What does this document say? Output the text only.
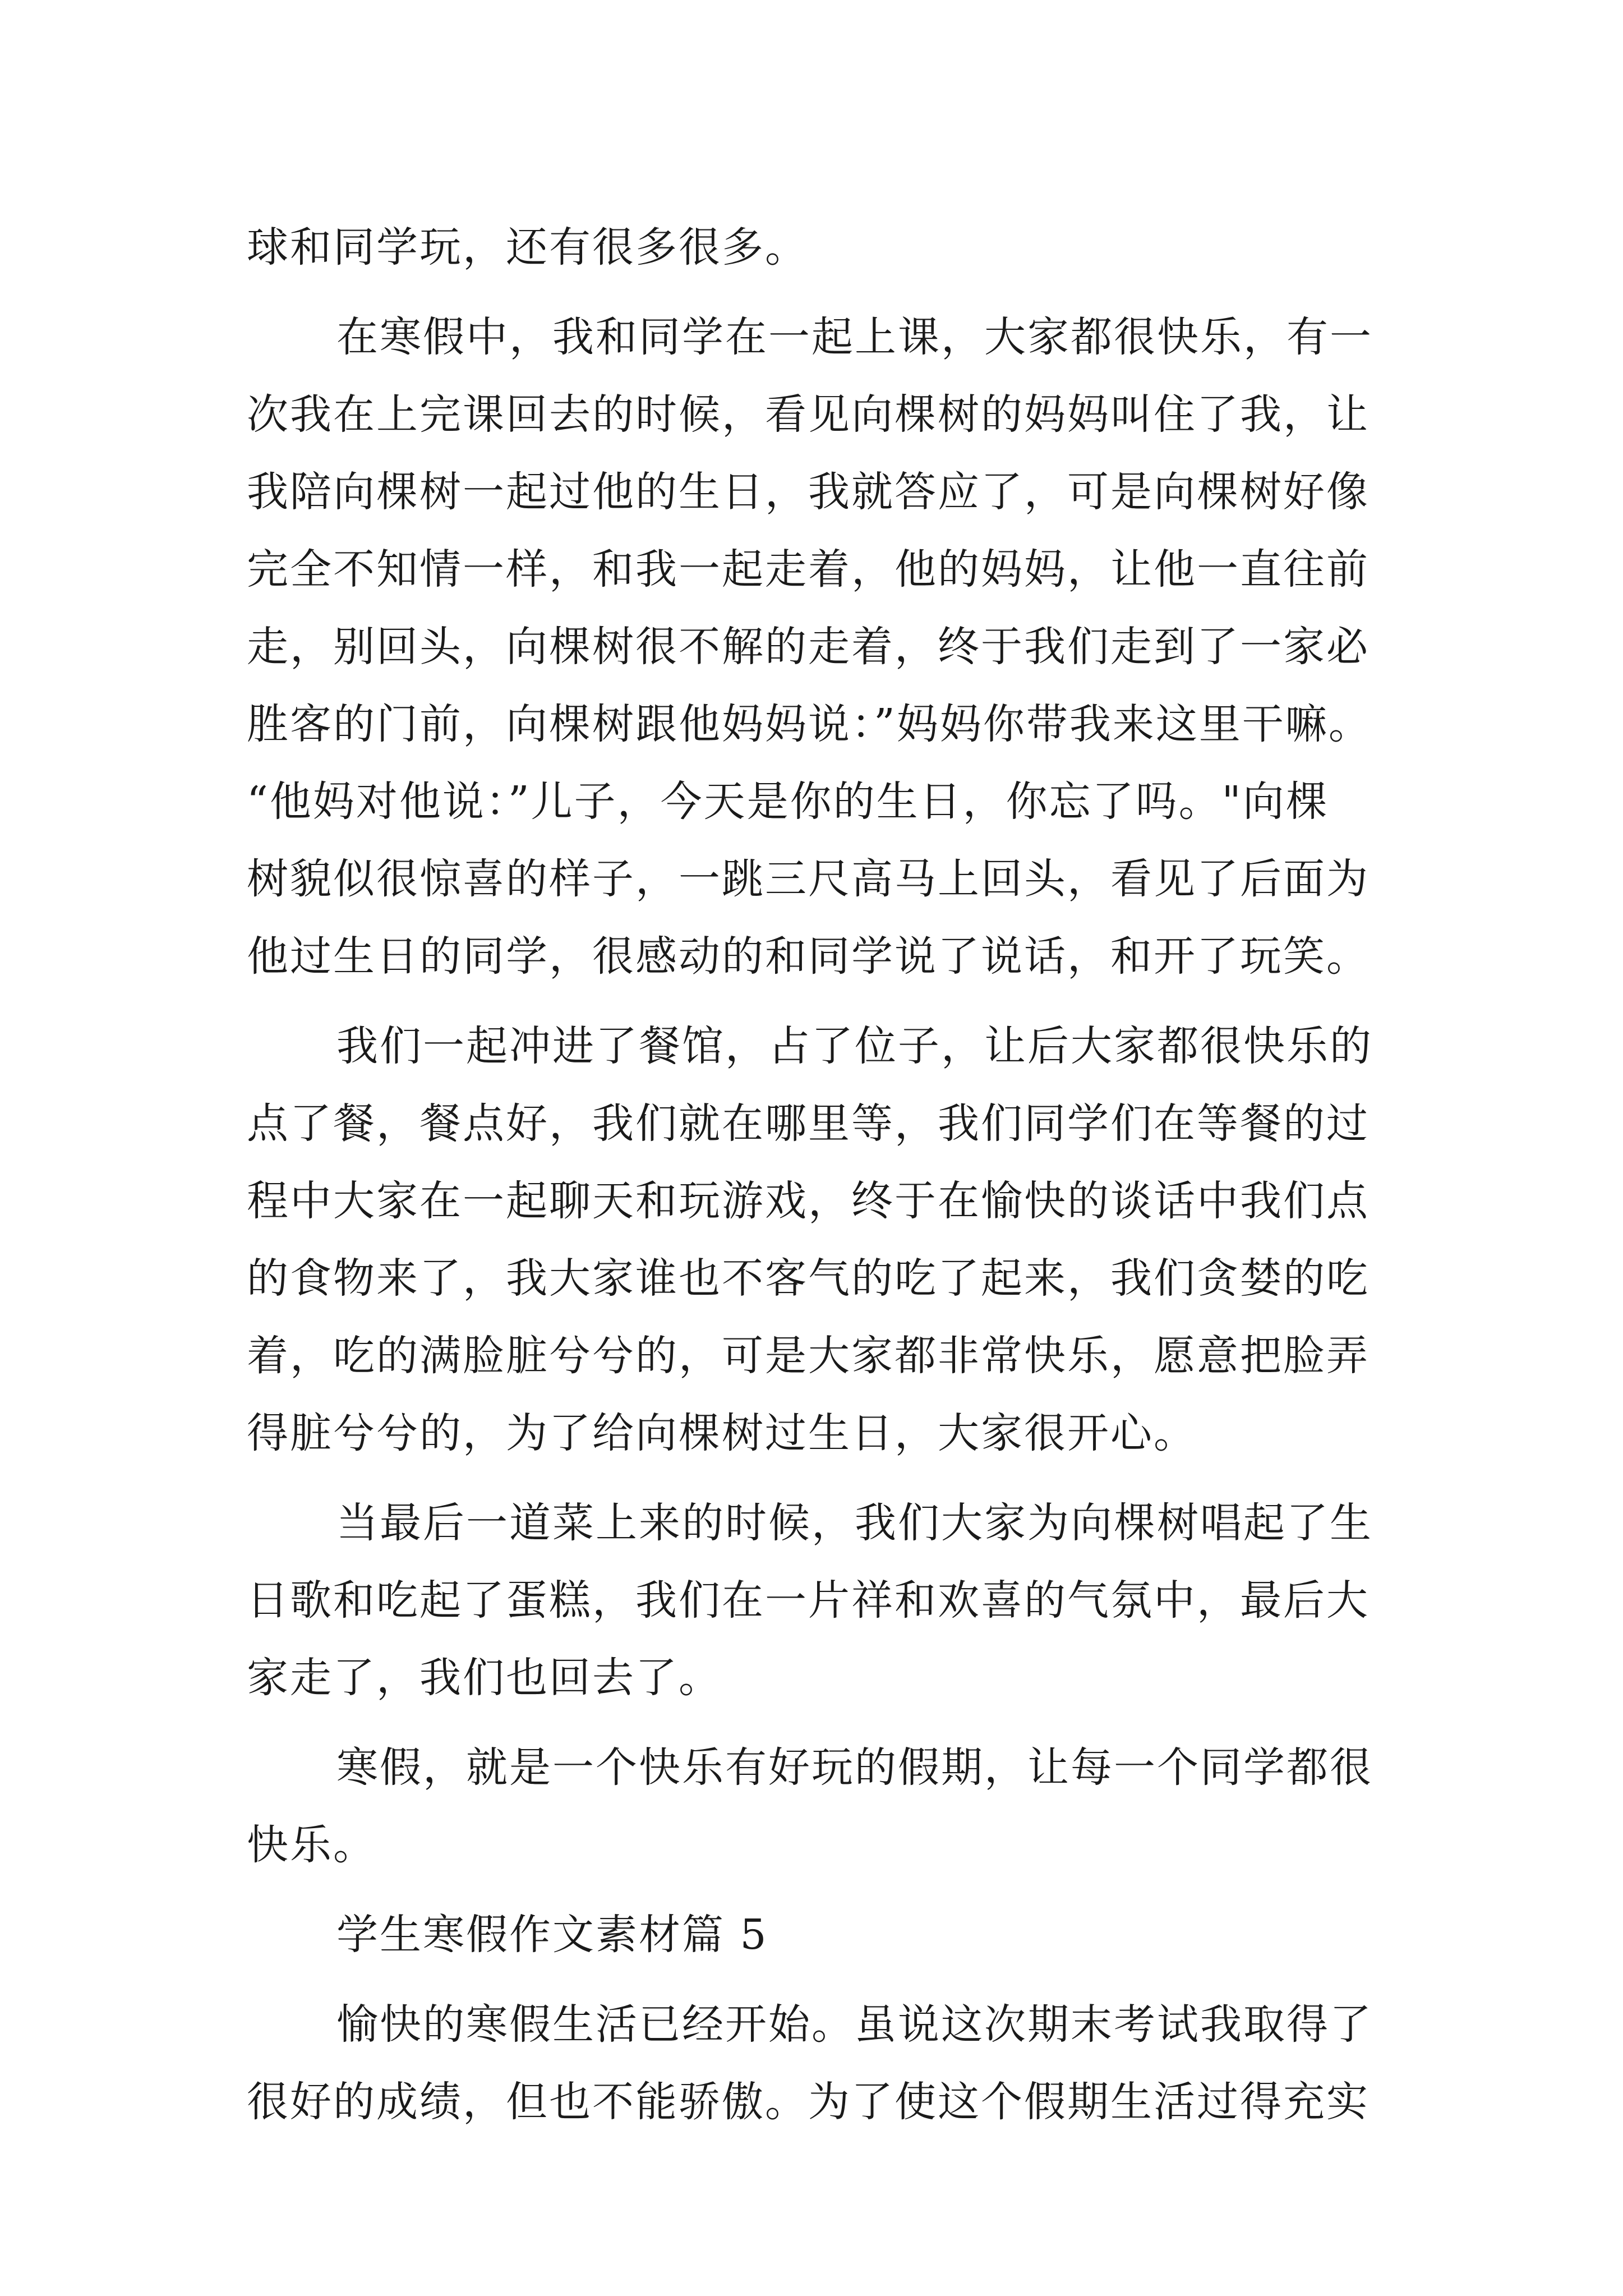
球和同学玩，还有很多很多。
在寒假中，我和同学在一起上课，大家都很快乐，有一
次我在上完课回去的时候，看见向棵树的妈妈叫住了我，让
我陪向棵树一起过他的生日，我就答应了，可是向棵树好像
完全不知情一样，和我一起走着，他的妈妈，让他一直往前
走，别回头，向棵树很不解的走着，终于我们走到了一家必
胜客的门前，向棵树跟他妈妈说：”妈妈你带我来这里干嘛。
“他妈对他说：”儿子，今天是你的生日，你忘了吗。"向棵
树貌似很惊喜的样子，一跳三尺高马上回头，看见了后面为
他过生日的同学，很感动的和同学说了说话，和开了玩笑。
我们一起冲进了餐馆，占了位子，让后大家都很快乐的
点了餐，餐点好，我们就在哪里等，我们同学们在等餐的过
程中大家在一起聊天和玩游戏，终于在愉快的谈话中我们点
的食物来了，我大家谁也不客气的吃了起来，我们贪婪的吃
着，吃的满脸脏兮兮的，可是大家都非常快乐，愿意把脸弄
得脏兮兮的，为了给向棵树过生日，大家很开心。
当最后一道菜上来的时候，我们大家为向棵树唱起了生
日歌和吃起了蛋糕，我们在一片祥和欢喜的气氛中，最后大
家走了，我们也回去了。
寒假，就是一个快乐有好玩的假期，让每一个同学都很
快乐。
学生寒假作文素材篇 5
愉快的寒假生活已经开始。虽说这次期末考试我取得了
很好的成绩，但也不能骄傲。为了使这个假期生活过得充实
